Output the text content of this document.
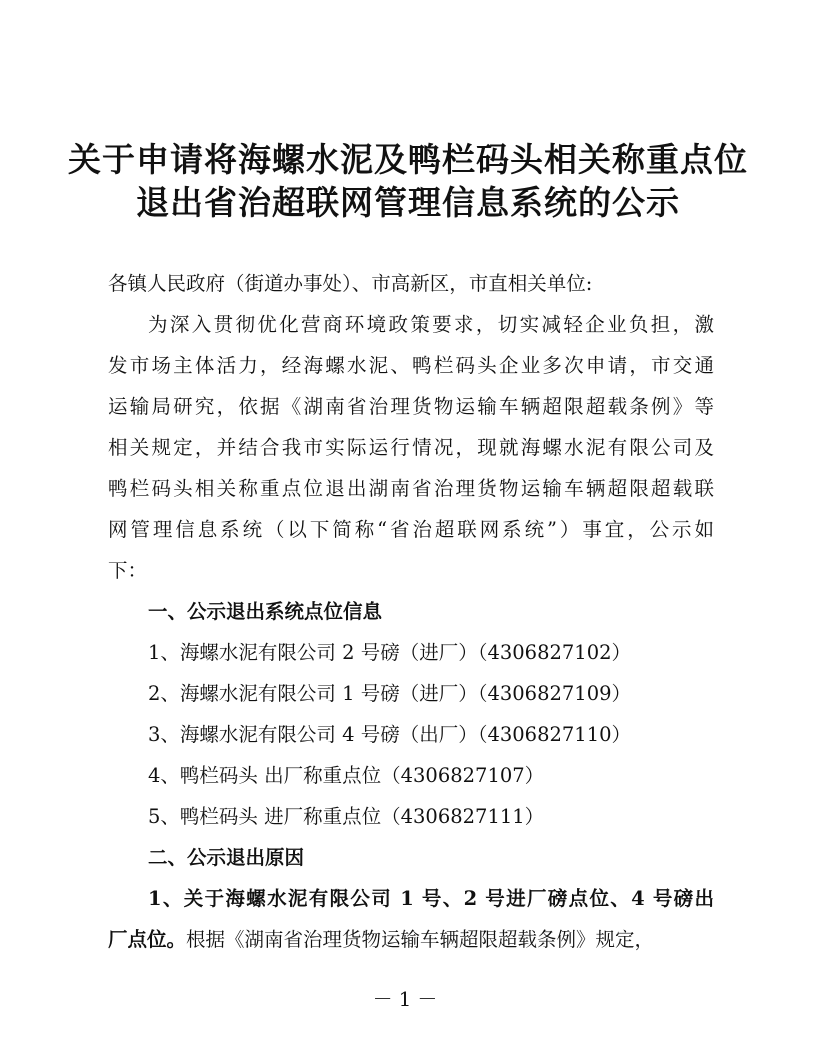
关于申请将海螺水泥及鸭栏码头相关称重点位
退出省治超联网管理信息系统的公示
各镇人民政府（街道办事处）、市高新区，市直相关单位:
为深入贯彻优化营商环境政策要求，切实减轻企业负担，激
发市场主体活力，经海螺水泥、鸭栏码头企业多次申请，市交通
运输局研究，依据《湖南省治理货物运输车辆超限超载条例》等
相关规定，并结合我市实际运行情况，现就海螺水泥有限公司及
鸭栏码头相关称重点位退出湖南省治理货物运输车辆超限超载联
网管理信息系统（以下简称“省治超联网系统”）事宜，公示如
下：
一、公示退出系统点位信息
1、海螺水泥有限公司 2 号磅（进厂）（4306827102）
2、海螺水泥有限公司 1 号磅（进厂）（4306827109）
3、海螺水泥有限公司 4 号磅（出厂）（4306827110）
4、鸭栏码头 出厂称重点位（4306827107）
5、鸭栏码头 进厂称重点位（4306827111）
二、公示退出原因
1、关于海螺水泥有限公司 1 号、2 号进厂磅点位、4 号磅出
厂点位。根据《湖南省治理货物运输车辆超限超载条例》规定，
－1－
